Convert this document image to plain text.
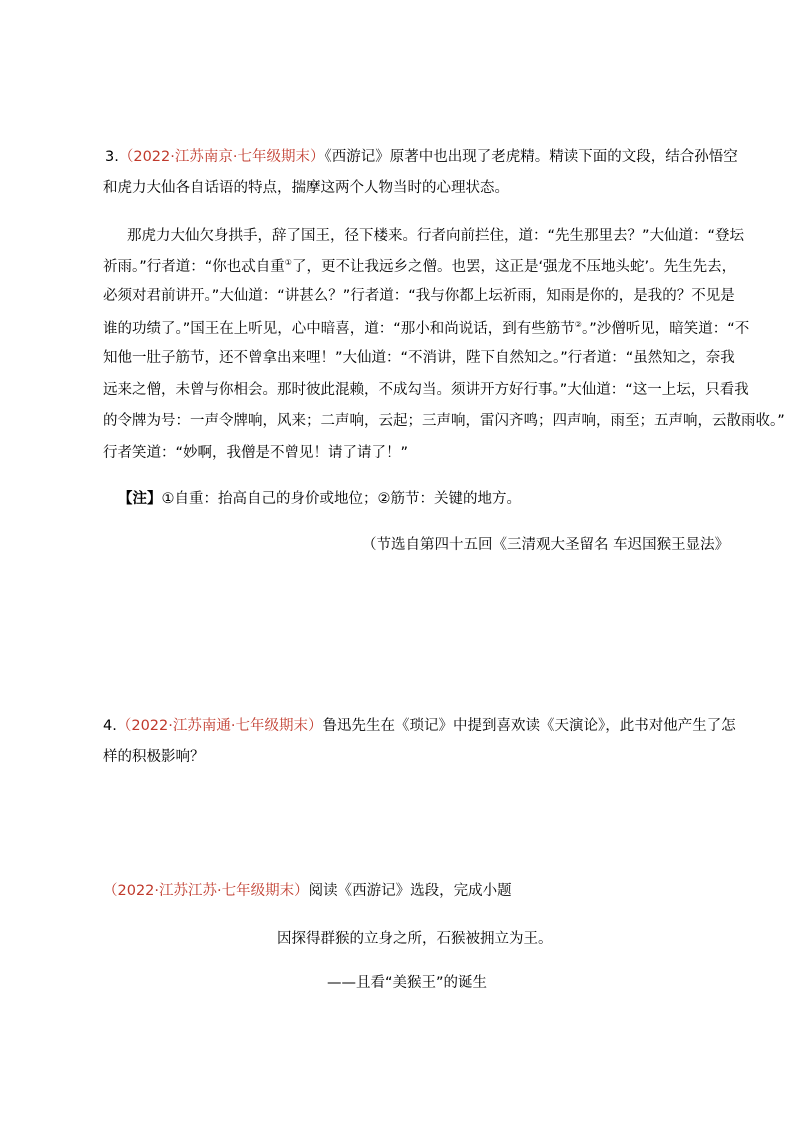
3.（2022·江苏南京·七年级期末）《西游记》原著中也出现了老虎精。精读下面的文段，结合孙悟空
和虎力大仙各自话语的特点，揣摩这两个人物当时的心理状态。
那虎力大仙欠身拱手，辞了国王，径下楼来。行者向前拦住，道：“先生那里去？”大仙道：“登坛
祈雨。”行者道：“你也忒自重①了，更不让我远乡之僧。也罢，这正是‘强龙不压地头蛇’。先生先去，
必须对君前讲开。”大仙道：“讲甚么？”行者道：“我与你都上坛祈雨，知雨是你的，是我的？不见是
谁的功绩了。”国王在上听见，心中暗喜，道：“那小和尚说话，到有些筋节②。”沙僧听见，暗笑道：“不
知他一肚子筋节，还不曾拿出来哩！”大仙道：“不消讲，陛下自然知之。”行者道：“虽然知之，奈我
远来之僧，未曾与你相会。那时彼此混赖，不成勾当。须讲开方好行事。”大仙道：“这一上坛，只看我
的令牌为号：一声令牌响，风来；二声响，云起；三声响，雷闪齐鸣；四声响，雨至；五声响，云散雨收。”
行者笑道：“妙啊，我僧是不曾见！请了请了！”
【注】①自重：抬高自己的身价或地位；②筋节：关键的地方。
（节选自第四十五回《三清观大圣留名 车迟国猴王显法》
4.（2022·江苏南通·七年级期末）鲁迅先生在《琐记》中提到喜欢读《天演论》，此书对他产生了怎
样的积极影响？
（2022·江苏江苏·七年级期末）阅读《西游记》选段，完成小题
因探得群猴的立身之所，石猴被拥立为王。
——且看“美猴王”的诞生
